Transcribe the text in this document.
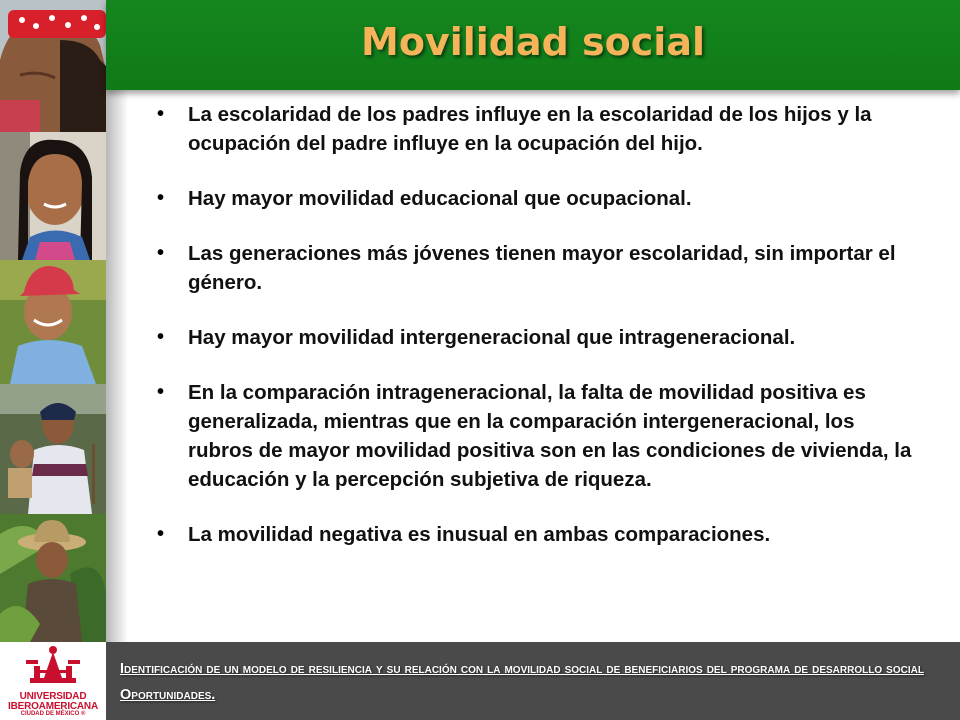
Movilidad social
•	La escolaridad de los padres influye en la escolaridad de los hijos y la ocupación del padre influye en la ocupación del hijo.
•	Hay mayor movilidad educacional que ocupacional.
•	Las generaciones más jóvenes tienen mayor escolaridad, sin importar el género.
•	Hay mayor movilidad intergeneracional que intrageneracional.
•	En la comparación intrageneracional, la falta de movilidad positiva es generalizada, mientras que en la comparación intergeneracional, los rubros de mayor movilidad positiva son en las condiciones de vivienda, la educación y la percepción subjetiva de riqueza.
•	La movilidad negativa es inusual en ambas comparaciones.
UNIVERSIDAD
IBEROAMERICANA
CIUDAD DE MÉXICO ®
Identificación de un modelo de resiliencia y su relación con la movilidad social de beneficiarios del programa de desarrollo social Oportunidades.
